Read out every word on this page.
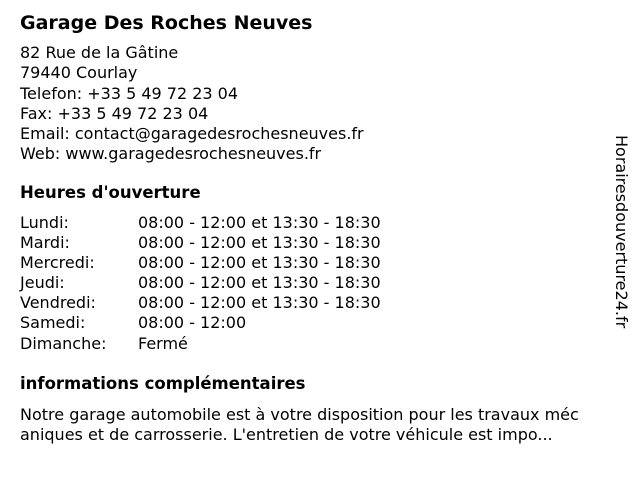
Garage Des Roches Neuves
82 Rue de la Gâtine
79440 Courlay
Telefon: +33 5 49 72 23 04
Fax: +33 5 49 72 23 04
Email: contact@garagedesrochesneuves.fr
Web: www.garagedesrochesneuves.fr
Heures d'ouverture
Lundi:	08:00 - 12:00 et 13:30 - 18:30
Mardi:	08:00 - 12:00 et 13:30 - 18:30
Mercredi:	08:00 - 12:00 et 13:30 - 18:30
Jeudi:	08:00 - 12:00 et 13:30 - 18:30
Vendredi:	08:00 - 12:00 et 13:30 - 18:30
Samedi:	08:00 - 12:00
Dimanche:	Fermé
informations complémentaires
Notre garage automobile est à votre disposition pour les travaux méc
aniques et de carrosserie. L'entretien de votre véhicule est impo...
Horairesdouverture24.fr
